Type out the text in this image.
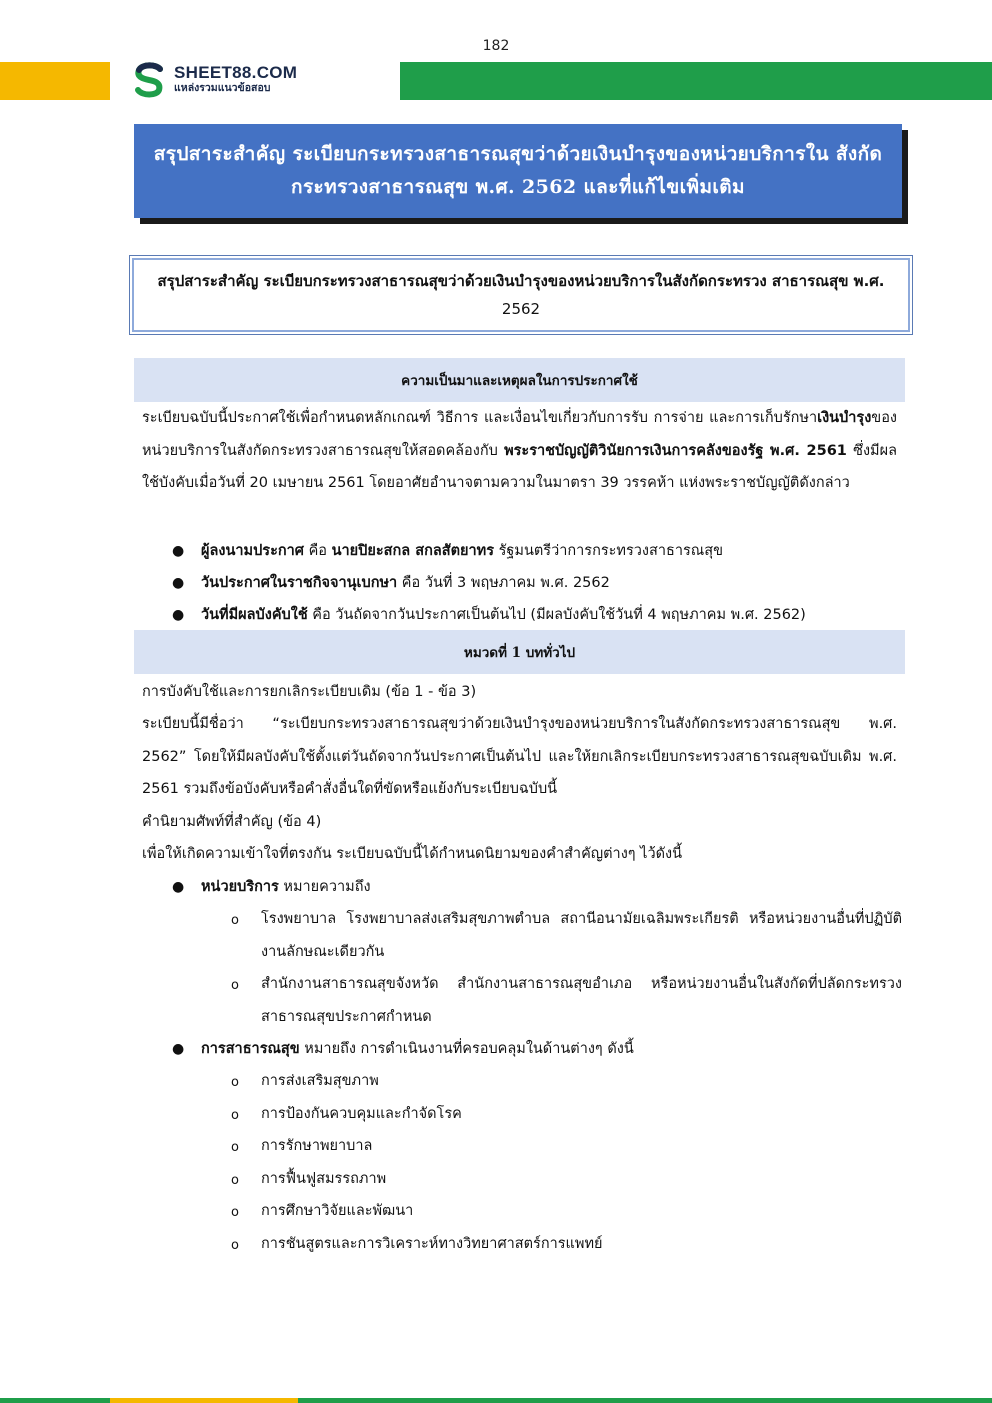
182
SHEET88.COM
แหล่งรวมแนวข้อสอบ
สรุปสาระสำคัญ ระเบียบกระทรวงสาธารณสุขว่าด้วยเงินบำรุงของหน่วยบริการใน สังกัดกระทรวงสาธารณสุข พ.ศ. 2562 และที่แก้ไขเพิ่มเติม

สรุปสาระสำคัญ ระเบียบกระทรวงสาธารณสุขว่าด้วยเงินบำรุงของหน่วยบริการในสังกัดกระทรวง สาธารณสุข พ.ศ. 2562

ความเป็นมาและเหตุผลในการประกาศใช้

ระเบียบฉบับนี้ประกาศใช้เพื่อกำหนดหลักเกณฑ์ วิธีการ และเงื่อนไขเกี่ยวกับการรับ การจ่าย และการเก็บรักษาเงินบำรุงของหน่วยบริการในสังกัดกระทรวงสาธารณสุขให้สอดคล้องกับ พระราชบัญญัติวินัยการเงินการคลังของรัฐ พ.ศ. 2561 ซึ่งมีผลใช้บังคับเมื่อวันที่ 20 เมษายน 2561 โดยอาศัยอำนาจตามความในมาตรา 39 วรรคห้า แห่งพระราชบัญญัติดังกล่าว

● ผู้ลงนามประกาศ คือ นายปิยะสกล สกลสัตยาทร รัฐมนตรีว่าการกระทรวงสาธารณสุข
● วันประกาศในราชกิจจานุเบกษา คือ วันที่ 3 พฤษภาคม พ.ศ. 2562
● วันที่มีผลบังคับใช้ คือ วันถัดจากวันประกาศเป็นต้นไป (มีผลบังคับใช้วันที่ 4 พฤษภาคม พ.ศ. 2562)
หมวดที่ 1 บททั่วไป

การบังคับใช้และการยกเลิกระเบียบเดิม (ข้อ 1 - ข้อ 3)

ระเบียบนี้มีชื่อว่า “ระเบียบกระทรวงสาธารณสุขว่าด้วยเงินบำรุงของหน่วยบริการในสังกัดกระทรวงสาธารณสุข พ.ศ. 2562” โดยให้มีผลบังคับใช้ตั้งแต่วันถัดจากวันประกาศเป็นต้นไป และให้ยกเลิกระเบียบกระทรวงสาธารณสุขฉบับเดิม พ.ศ. 2561 รวมถึงข้อบังคับหรือคำสั่งอื่นใดที่ขัดหรือแย้งกับระเบียบฉบับนี้

คำนิยามศัพท์ที่สำคัญ (ข้อ 4)

เพื่อให้เกิดความเข้าใจที่ตรงกัน ระเบียบฉบับนี้ได้กำหนดนิยามของคำสำคัญต่างๆ ไว้ดังนี้

● หน่วยบริการ หมายความถึง
o โรงพยาบาล โรงพยาบาลส่งเสริมสุขภาพตำบล สถานีอนามัยเฉลิมพระเกียรติ หรือหน่วยงานอื่นที่ปฏิบัติงานลักษณะเดียวกัน
o สำนักงานสาธารณสุขจังหวัด สำนักงานสาธารณสุขอำเภอ หรือหน่วยงานอื่นในสังกัดที่ปลัดกระทรวงสาธารณสุขประกาศกำหนด
● การสาธารณสุข หมายถึง การดำเนินงานที่ครอบคลุมในด้านต่างๆ ดังนี้
o การส่งเสริมสุขภาพ
o การป้องกันควบคุมและกำจัดโรค
o การรักษาพยาบาล
o การฟื้นฟูสมรรถภาพ
o การศึกษาวิจัยและพัฒนา
o การชันสูตรและการวิเคราะห์ทางวิทยาศาสตร์การแพทย์
